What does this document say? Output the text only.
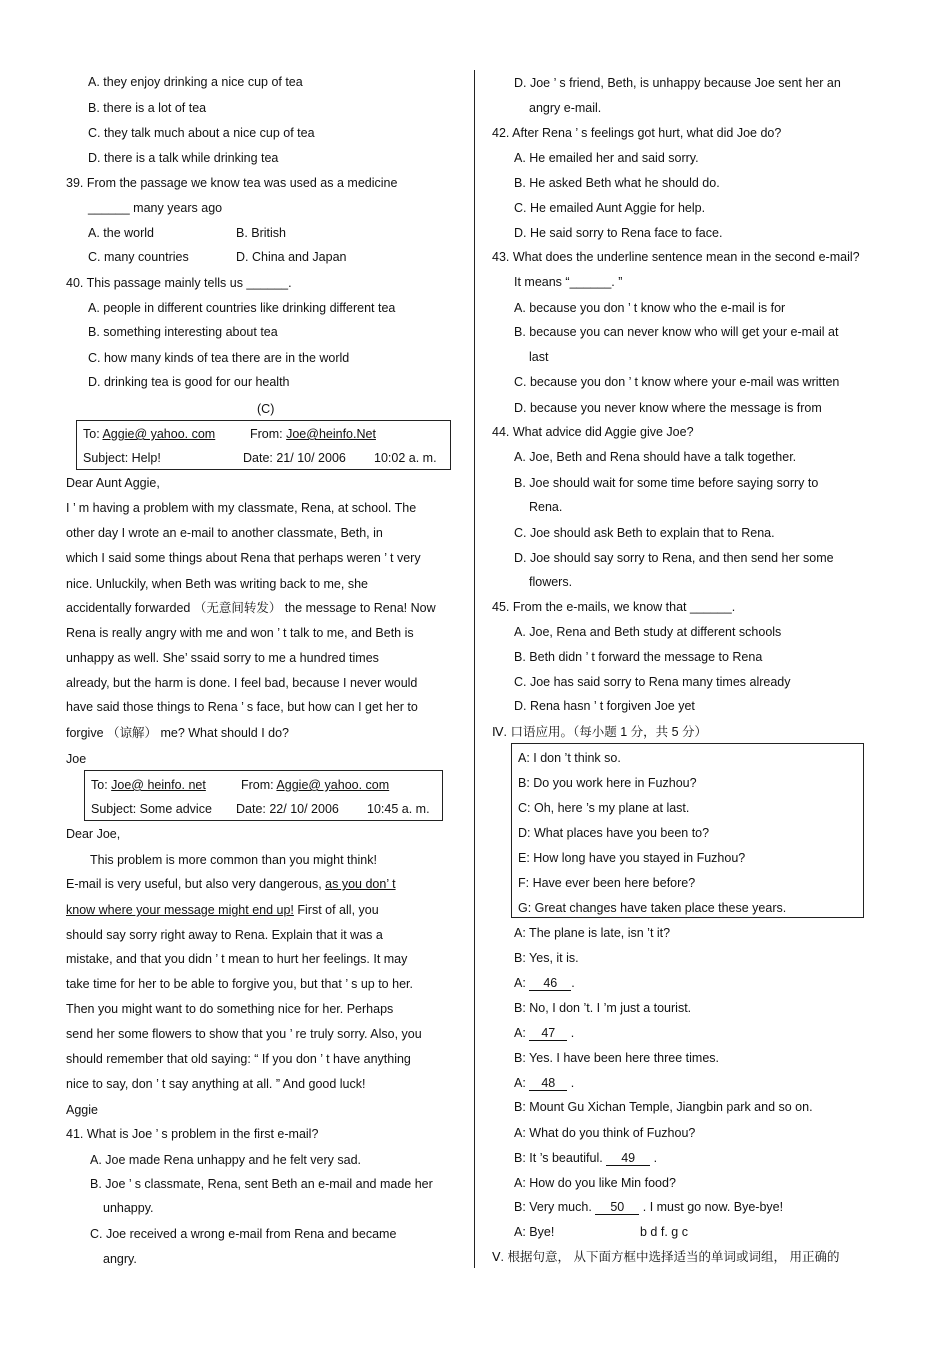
A. they enjoy drinking a nice cup of tea
B. there is a lot of tea
C. they talk much about a nice cup of tea
D. there is a talk while drinking tea
39. From the passage we know tea was used as a medicine
______ many years ago
A. the world	B. British
C. many countries	D. China and Japan
40. This passage mainly tells us ______.
A. people in different countries like drinking different tea
B. something interesting about tea
C. how many kinds of tea there are in the world
D. drinking tea is good for our health
(C)
To: Aggie@ yahoo. com	From: Joe@heinfo.Net
Subject: Help!	Date: 21/ 10/ 2006 10:02 a. m.
Dear Aunt Aggie,
I ’ m having a problem with my classmate, Rena, at school. The
other day I wrote an e-mail to another classmate, Beth, in
which I said some things about Rena that perhaps weren ’ t very
nice. Unluckily, when Beth was writing back to me, she
accidentally forwarded （无意间转发） the message to Rena! Now
Rena is really angry with me and won ’ t talk to me, and Beth is
unhappy as well. She’ ssaid sorry to me a hundred times
already, but the harm is done. I feel bad, because I never would
have said those things to Rena ’ s face, but how can I get her to
forgive （谅解） me? What should I do?
Joe
To: Joe@ heinfo. net	From: Aggie@ yahoo. com
Subject: Some advice Date: 22/ 10/ 2006 10:45 a. m.
Dear Joe,
This problem is more common than you might think!
E-mail is very useful, but also very dangerous, as you don’ t
know where your message might end up! First of all, you
should say sorry right away to Rena. Explain that it was a
mistake, and that you didn ’ t mean to hurt her feelings. It may
take time for her to be able to forgive you, but that ’ s up to her.
Then you might want to do something nice for her. Perhaps
send her some flowers to show that you ’ re truly sorry. Also, you
should remember that old saying: “ If you don ’ t have anything
nice to say, don ’ t say anything at all. ” And good luck!
Aggie
41. What is Joe ’ s problem in the first e-mail?
A. Joe made Rena unhappy and he felt very sad.
B. Joe ’ s classmate, Rena, sent Beth an e-mail and made her
unhappy.
C. Joe received a wrong e-mail from Rena and became
angry.
D. Joe ’ s friend, Beth, is unhappy because Joe sent her an
angry e-mail.
42. After Rena ’ s feelings got hurt, what did Joe do?
A. He emailed her and said sorry.
B. He asked Beth what he should do.
C. He emailed Aunt Aggie for help.
D. He said sorry to Rena face to face.
43. What does the underline sentence mean in the second e-mail?
It means “______. ”
A. because you don ’ t know who the e-mail is for
B. because you can never know who will get your e-mail at
last
C. because you don ’ t know where your e-mail was written
D. because you never know where the message is from
44. What advice did Aggie give Joe?
A. Joe, Beth and Rena should have a talk together.
B. Joe should wait for some time before saying sorry to
Rena.
C. Joe should ask Beth to explain that to Rena.
D. Joe should say sorry to Rena, and then send her some
flowers.
45. From the e-mails, we know that ______.
A. Joe, Rena and Beth study at different schools
B. Beth didn ’ t forward the message to Rena
C. Joe has said sorry to Rena many times already
D. Rena hasn ’ t forgiven Joe yet
Ⅳ. 口语应用。（每小题 1 分，共 5 分）
A: I don ’t think so.
B: Do you work here in Fuzhou?
C: Oh, here ’s my plane at last.
D: What places have you been to?
E: How long have you stayed in Fuzhou?
F: Have ever been here before?
G: Great changes have taken place these years.
A: The plane is late, isn ’t it?
B: Yes, it is.
A: 46 .
B: No, I don ’t. I ’m just a tourist.
A: 47 .
B: Yes. I have been here three times.
A: 48 .
B: Mount Gu Xichan Temple, Jiangbin park and so on.
A: What do you think of Fuzhou?
B: It ’s beautiful. 49 .
A: How do you like Min food?
B: Very much. 50 . I must go now. Bye-bye!
A: Bye!	b d f. g c
Ⅴ. 根据句意， 从下面方框中选择适当的单词或词组， 用正确的
